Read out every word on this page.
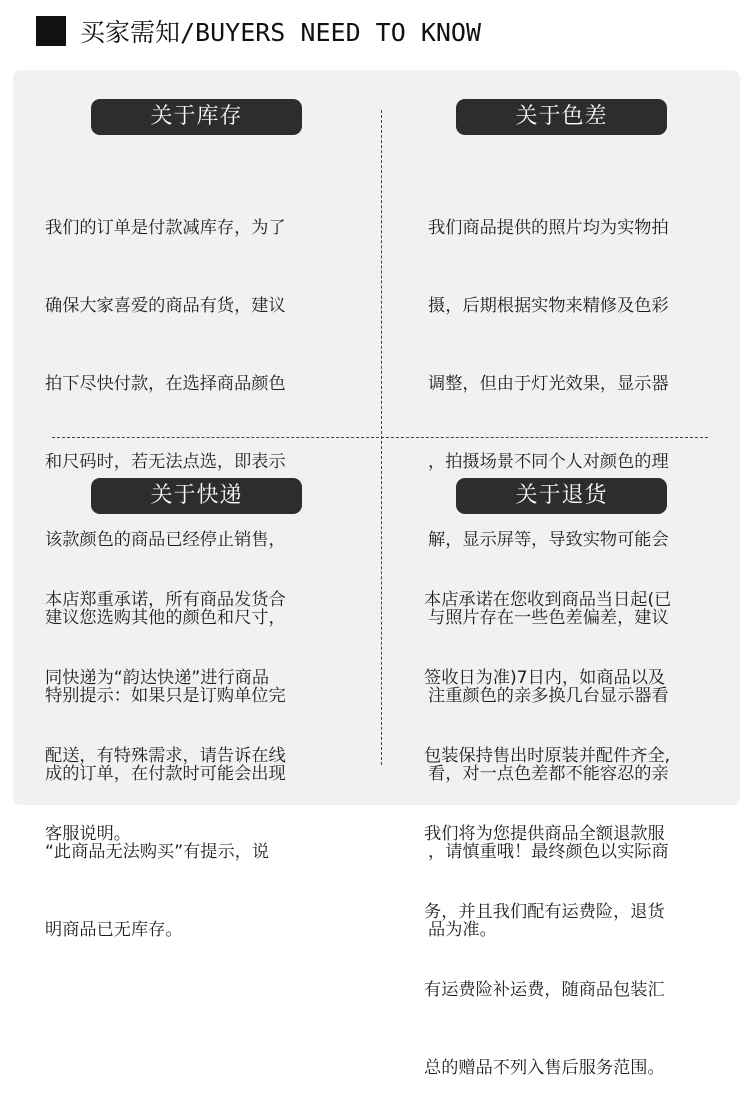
买家需知/BUYERS NEED TO KNOW
关于库存

我们的订单是付款减库存，为了

确保大家喜爱的商品有货，建议

拍下尽快付款，在选择商品颜色

和尺码时，若无法点选，即表示

该款颜色的商品已经停止销售，

建议您选购其他的颜色和尺寸，

特别提示：如果只是订购单位完

成的订单，在付款时可能会出现

“此商品无法购买”有提示，说

明商品已无库存。

关于色差

我们商品提供的照片均为实物拍

摄，后期根据实物来精修及色彩

调整，但由于灯光效果，显示器

，拍摄场景不同个人对颜色的理

解，显示屏等，导致实物可能会

与照片存在一些色差偏差，建议

注重颜色的亲多换几台显示器看

看，对一点色差都不能容忍的亲

，请慎重哦！最终颜色以实际商

品为准。

关于快递

本店郑重承诺，所有商品发货合

同快递为“韵达快递”进行商品

配送，有特殊需求，请告诉在线

客服说明。

关于退货

本店承诺在您收到商品当日起(已

签收日为准)7日内，如商品以及

包装保持售出时原装并配件齐全,

我们将为您提供商品全额退款服

务，并且我们配有运费险，退货

有运费险补运费，随商品包装汇

总的赠品不列入售后服务范围。
